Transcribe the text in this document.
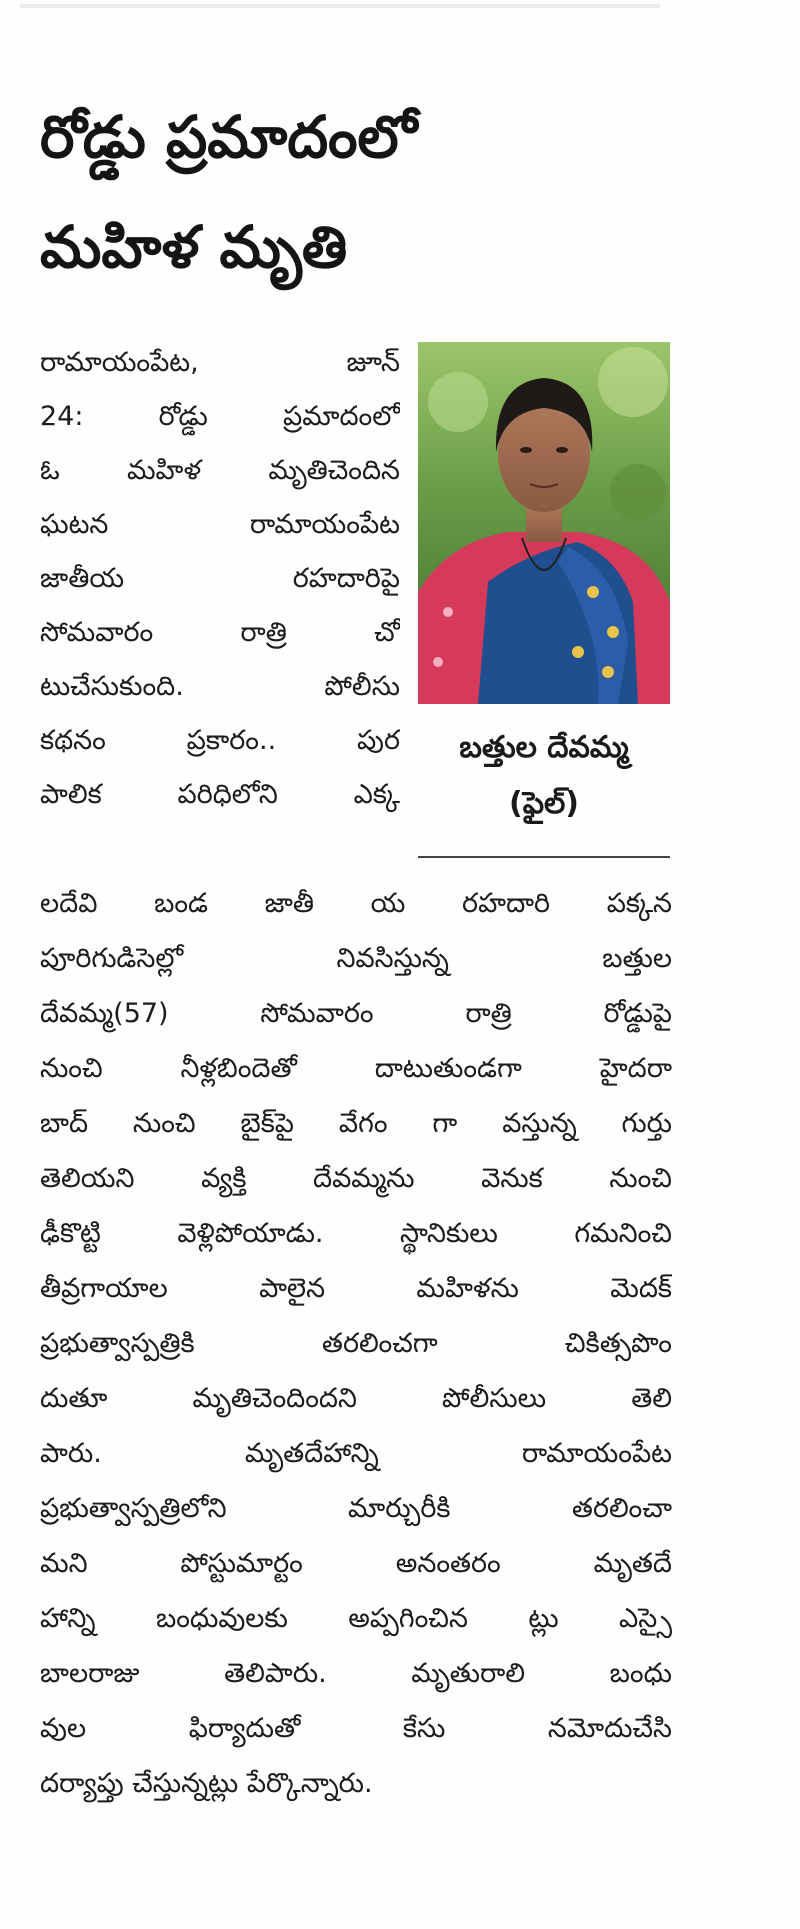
రోడ్డు ప్రమాదంలో
మహిళ మృతి
రామాయంపేట, జూన్
24: రోడ్డు ప్రమాదంలో
ఓ మహిళ మృతిచెందిన
ఘటన రామాయంపేట
జాతీయ రహదారిపై
సోమవారం రాత్రి చో
టుచేసుకుంది. పోలీసు
కథనం ప్రకారం.. పుర
పాలిక పరిధిలోని ఎక్క
బత్తుల దేవమ్మ
(ఫైల్)
లదేవి బండ జాతీ య రహదారి పక్కన
పూరిగుడిసెల్లో నివసిస్తున్న బత్తుల
దేవమ్మ(57) సోమవారం రాత్రి రోడ్డుపై
నుంచి నీళ్లబిందెతో దాటుతుండగా హైదరా
బాద్ నుంచి బైక్‌పై వేగం గా వస్తున్న గుర్తు
తెలియని వ్యక్తి దేవమ్మను వెనుక నుంచి
ఢీకొట్టి వెళ్లిపోయాడు. స్థానికులు గమనించి
తీవ్రగాయాల పాలైన మహిళను మెదక్
ప్రభుత్వాస్పత్రికి తరలించగా చికిత్సపొం
దుతూ మృతిచెందిందని పోలీసులు తెలి
పారు. మృతదేహాన్ని రామాయంపేట
ప్రభుత్వాస్పత్రిలోని మార్చురీకి తరలించా
మని పోస్టుమార్టం అనంతరం మృతదే
హాన్ని బంధువులకు అప్పగించిన ట్లు ఎస్సై
బాలరాజు తెలిపారు. మృతురాలి బంధు
వుల ఫిర్యాదుతో కేసు నమోదుచేసి
దర్యాప్తు చేస్తున్నట్లు పేర్కొన్నారు.
